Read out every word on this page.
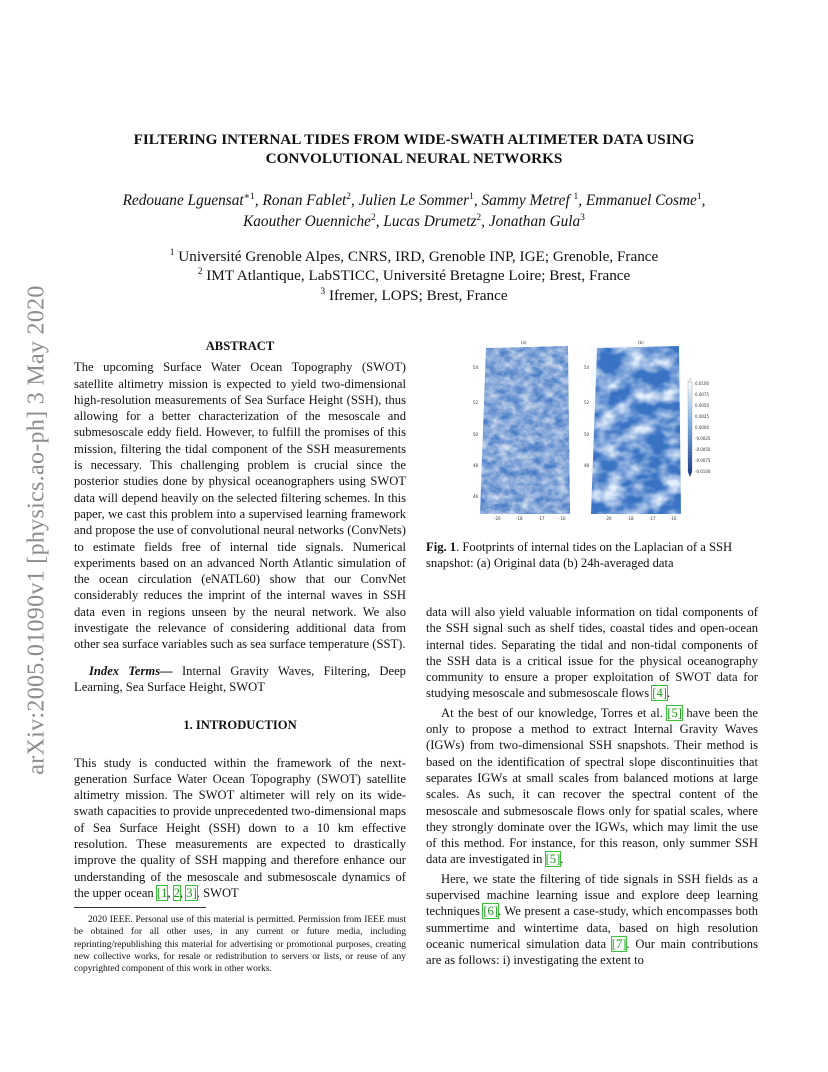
arXiv:2005.01090v1 [physics.ao-ph] 3 May 2020
FILTERING INTERNAL TIDES FROM WIDE-SWATH ALTIMETER DATA USING
CONVOLUTIONAL NEURAL NETWORKS
Redouane Lguensat$^{∗1}$, Ronan Fablet$^2$, Julien Le Sommer$^1$, Sammy Metref $^1$, Emmanuel Cosme$^1$,
Kaouther Ouenniche$^2$, Lucas Drumetz$^2$, Jonathan Gula$^3$
$^1$ Université Grenoble Alpes, CNRS, IRD, Grenoble INP, IGE; Grenoble, France
$^2$ IMT Atlantique, LabSTICC, Université Bretagne Loire; Brest, France
$^3$ Ifremer, LOPS; Brest, France
ABSTRACT

The upcoming Surface Water Ocean Topography (SWOT) satellite altimetry mission is expected to yield two-dimensional high-resolution measurements of Sea Surface Height (SSH), thus allowing for a better characterization of the mesoscale and submesoscale eddy field. However, to fulfill the promises of this mission, filtering the tidal component of the SSH measurements is necessary. This challenging problem is crucial since the posterior studies done by physical oceanographers using SWOT data will depend heavily on the selected filtering schemes. In this paper, we cast this problem into a supervised learning framework and propose the use of convolutional neural networks (ConvNets) to estimate fields free of internal tide signals. Numerical experiments based on an advanced North Atlantic simulation of the ocean circulation (eNATL60) show that our ConvNet considerably reduces the imprint of the internal waves in SSH data even in regions unseen by the neural network. We also investigate the relevance of considering additional data from other sea surface variables such as sea surface temperature (SST).

Index Terms— Internal Gravity Waves, Filtering, Deep Learning, Sea Surface Height, SWOT

1. INTRODUCTION

This study is conducted within the framework of the next-generation Surface Water Ocean Topography (SWOT) satellite altimetry mission. The SWOT altimeter will rely on its wide-swath capacities to provide unprecedented two-dimensional maps of Sea Surface Height (SSH) down to a 10 km effective resolution. These measurements are expected to drastically improve the quality of SSH mapping and therefore enhance our understanding of the mesoscale and submesoscale dynamics of the upper ocean [1, 2, 3]. SWOT

2020 IEEE. Personal use of this material is permitted. Permission from IEEE must be obtained for all other uses, in any current or future media, including reprinting/republishing this material for advertising or promotional purposes, creating new collective works, for resale or redistribution to servers or lists, or reuse of any copyrighted component of this work in other works.

(a)	(b)
54
52
50
48
46
54
52
50
48
-20	-18	-17	-16	-20	-18	-17	-16
0.0100
0.0075
0.0050
0.0025
0.0000
-0.0025
-0.0050
-0.0075
-0.0100
Fig. 1. Footprints of internal tides on the Laplacian of a SSH snapshot: (a) Original data (b) 24h-averaged data

data will also yield valuable information on tidal components of the SSH signal such as shelf tides, coastal tides and open-ocean internal tides. Separating the tidal and non-tidal components of the SSH data is a critical issue for the physical oceanography community to ensure a proper exploitation of SWOT data for studying mesoscale and submesoscale flows [4].

At the best of our knowledge, Torres et al. [5] have been the only to propose a method to extract Internal Gravity Waves (IGWs) from two-dimensional SSH snapshots. Their method is based on the identification of spectral slope discontinuities that separates IGWs at small scales from balanced motions at large scales. As such, it can recover the spectral content of the mesoscale and submesoscale flows only for spatial scales, where they strongly dominate over the IGWs, which may limit the use of this method. For instance, for this reason, only summer SSH data are investigated in [5].

Here, we state the filtering of tide signals in SSH fields as a supervised machine learning issue and explore deep learning techniques [6]. We present a case-study, which encompasses both summertime and wintertime data, based on high resolution oceanic numerical simulation data [7]. Our main contributions are as follows: i) investigating the extent to
